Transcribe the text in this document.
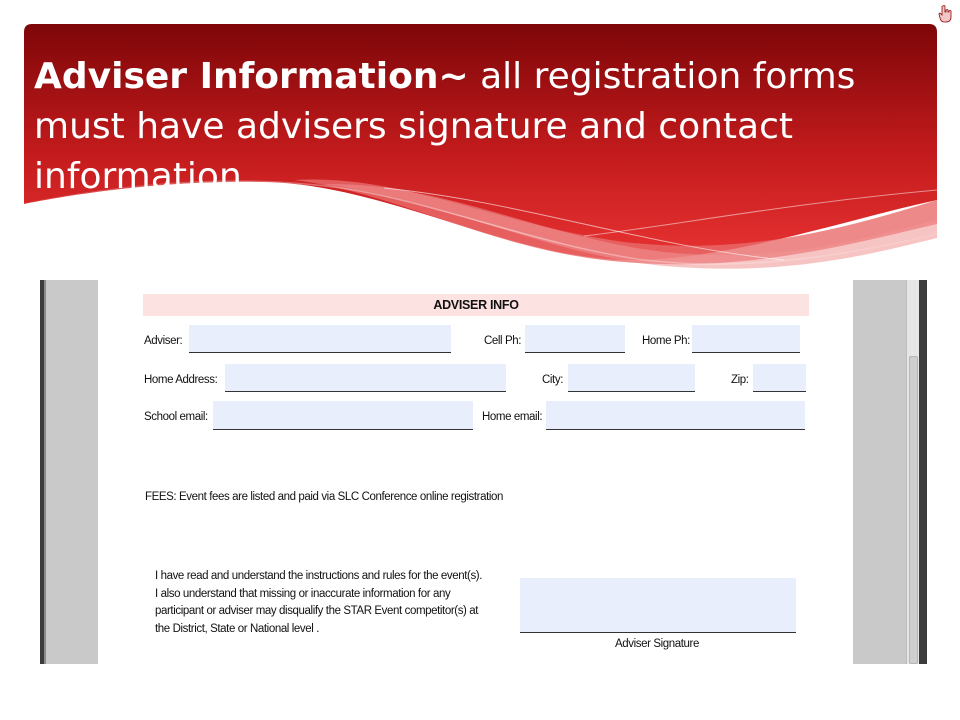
Adviser Information~ all registration forms must have advisers signature and contact information
ADVISER INFO
Adviser:	Cell Ph:	Home Ph:
Home Address:	City:	Zip:
School email:	Home email:
FEES: Event fees are listed and paid via SLC Conference online registration
I have read and understand the instructions and rules for the event(s).
I also understand that missing or inaccurate information for any
participant or adviser may disqualify the STAR Event competitor(s) at
the District, State or National level .
Adviser Signature
